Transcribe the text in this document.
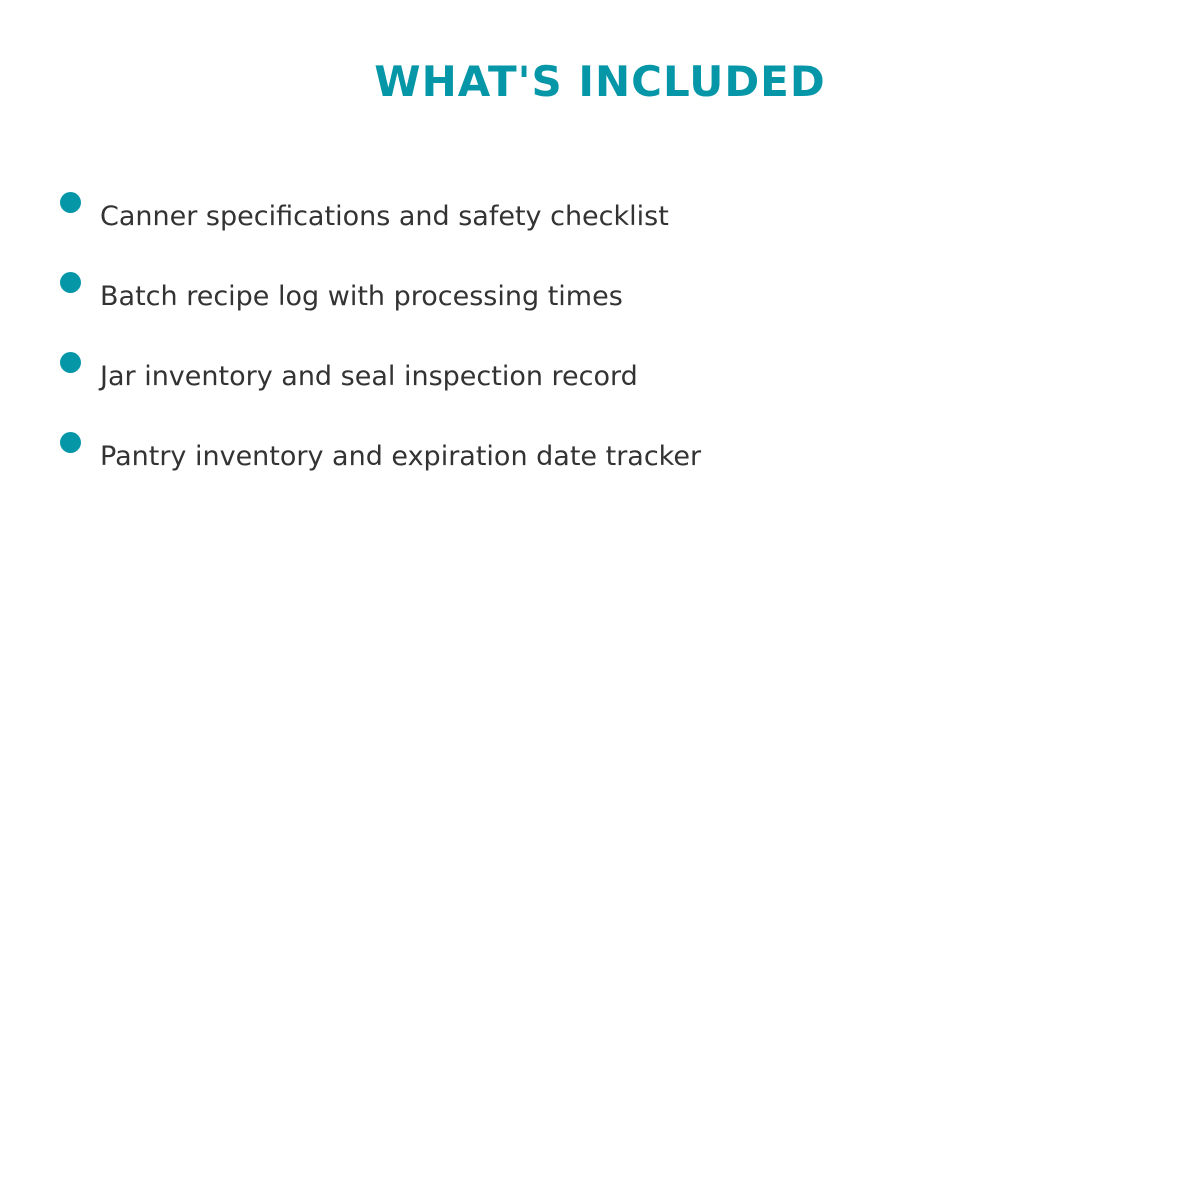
WHAT'S INCLUDED
Canner specifications and safety checklist
Batch recipe log with processing times
Jar inventory and seal inspection record
Pantry inventory and expiration date tracker
